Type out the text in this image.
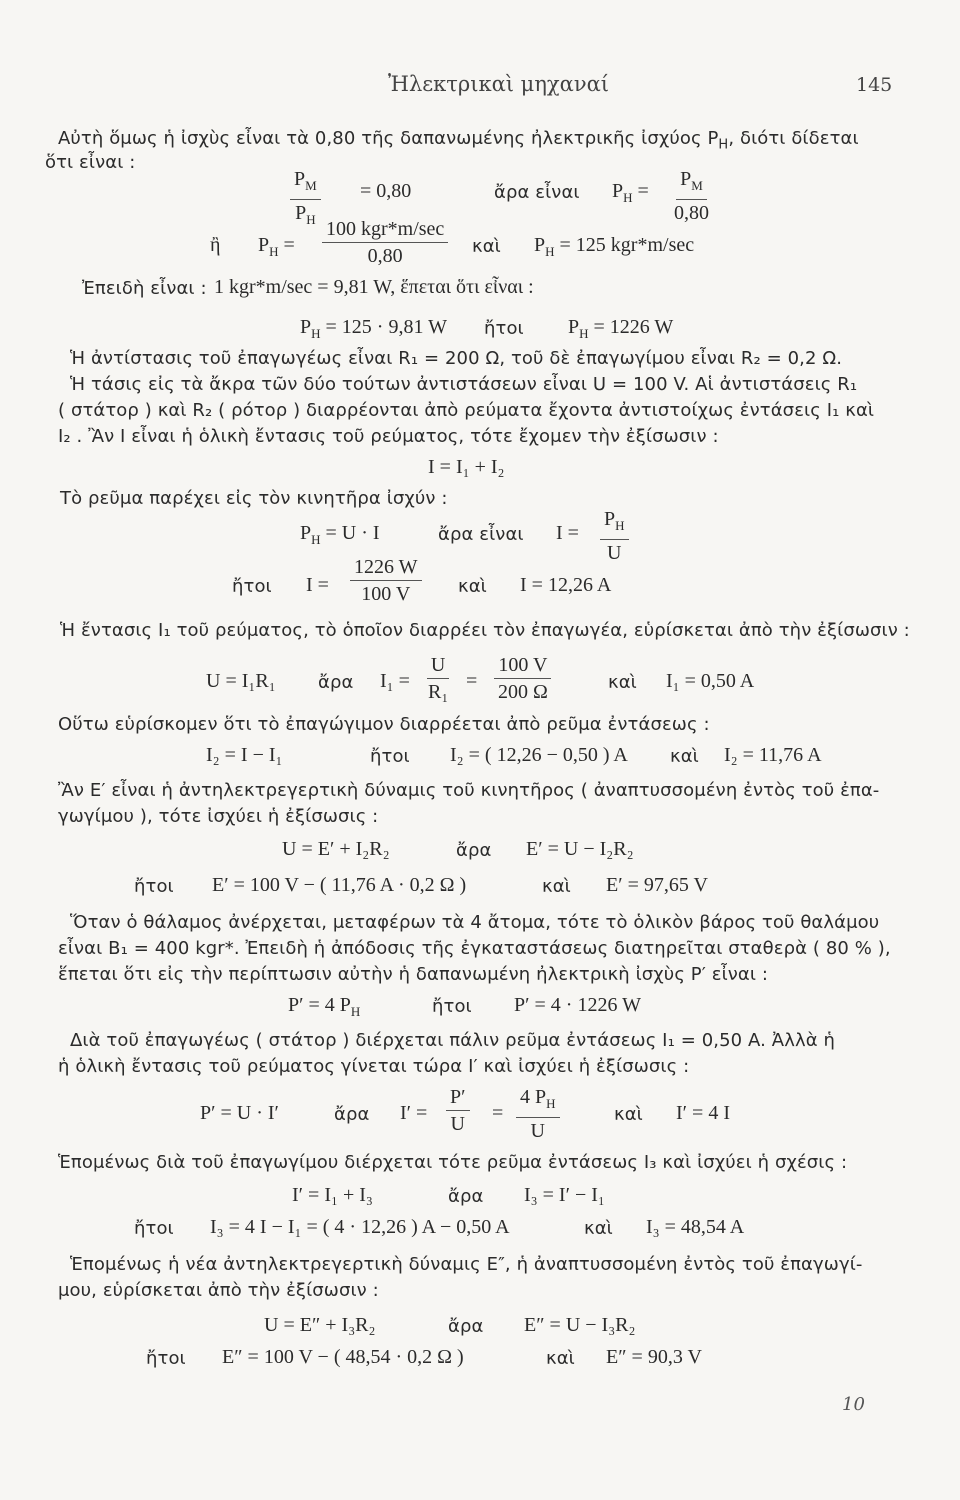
Ἠλεκτρικαὶ μηχαναί	145
Αὐτὴ ὅμως ἡ ἰσχὺς εἶναι τὰ 0,80 τῆς δαπανωμένης ἠλεκτρικῆς ἰσχύος $P_H$, διότι δίδεται
ὅτι εἶναι :
$\frac{P_M}{P_H} = 0,80$	ἄρα εἶναι $P_H = \frac{P_M}{0,80}$
ἢ $P_H$ =
100 kgr*m/sec
0,80	καὶ $P_H = 125$ kgr*m/sec
Ἐπειδὴ εἶναι : 1 kgr*m/sec = 9,81 W, ἕπεται ὅτι εἶναι :
$P_H = 125 \cdot 9,81$ W ἤτοι $P_H = 1226$ W
Ἡ ἀντίστασις τοῦ ἐπαγωγέως εἶναι R₁ = 200 Ω, τοῦ δὲ ἐπαγωγίμου εἶναι R₂ = 0,2 Ω.
Ἡ τάσις εἰς τὰ ἄκρα τῶν δύο τούτων ἀντιστάσεων εἶναι U = 100 V. Αἱ ἀντιστάσεις R₁
( στάτορ ) καὶ R₂ ( ρότορ ) διαρρέονται ἀπὸ ρεύματα ἔχοντα ἀντιστοίχως ἐντάσεις I₁ καὶ
I₂ . Ἂν I εἶναι ἡ ὁλικὴ ἔντασις τοῦ ρεύματος, τότε ἔχομεν τὴν ἐξίσωσιν :
I = I₁ + I₂
Τὸ ρεῦμα παρέχει εἰς τὸν κινητῆρα ἰσχύν :
$P_H = U \cdot I$	ἄρα εἶναι $I = \frac{P_H}{U}$
ἤτοι $I = \frac{1226 W}{100 V}$ καὶ I = 12,26 A
Ἡ ἔντασις I₁ τοῦ ρεύματος, τὸ ὁποῖον διαρρέει τὸν ἐπαγωγέα, εὑρίσκεται ἀπὸ τὴν ἐξίσωσιν :
U = I₁R₁ ἄρα $I_1 = \frac{U}{\text{R₁}} = \frac{100 V}{200 \Omega}$	καὶ I₁ = 0,50 A
Οὕτω εὑρίσκομεν ὅτι τὸ ἐπαγώγιμον διαρρέεται ἀπὸ ρεῦμα ἐντάσεως :
I₂ = I − I₁	ἤτοι I₂ = ( 12,26 − 0,50 ) A καὶ I₂ = 11,76 A
Ἂν E′ εἶναι ἡ ἀντηλεκτρεγερτικὴ δύναμις τοῦ κινητῆρος ( ἀναπτυσσομένη ἐντὸς τοῦ ἐπα-
γωγίμου ), τότε ἰσχύει ἡ ἐξίσωσις :
U = E′ + I₂R₂	ἄρα E′ = U − I₂R₂
ἤτοι E′ = 100 V − ( 11,76 A · 0,2 Ω )	καὶ E′ = 97,65 V
Ὅταν ὁ θάλαμος ἀνέρχεται, μεταφέρων τὰ 4 ἄτομα, τότε τὸ ὁλικὸν βάρος τοῦ θαλάμου
εἶναι B₁ = 400 kgr*. Ἐπειδὴ ἡ ἀπόδοσις τῆς ἐγκαταστάσεως διατηρεῖται σταθερὰ ( 80 % ),
ἕπεται ὅτι εἰς τὴν περίπτωσιν αὐτὴν ἡ δαπανωμένη ἠλεκτρικὴ ἰσχὺς P′ εἶναι :
P′ = 4 $P_H$	ἤτοι P′ = 4 · 1226 W
Διὰ τοῦ ἐπαγωγέως ( στάτορ ) διέρχεται πάλιν ρεῦμα ἐντάσεως I₁ = 0,50 A. Ἀλλὰ ἡ
ἡ ὁλικὴ ἔντασις τοῦ ρεύματος γίνεται τώρα I′ καὶ ἰσχύει ἡ ἐξίσωσις :
P′ = U · I′	ἄρα $I' = \frac{P'}{U} = \frac{4 P_H}{U}$	καὶ I′ = 4 I
Ἑπομένως διὰ τοῦ ἐπαγωγίμου διέρχεται τότε ρεῦμα ἐντάσεως I₃ καὶ ἰσχύει ἡ σχέσις :
I′ = I₁ + I₃	ἄρα I₃ = I′ − I₁
ἤτοι I₃ = 4 I − I₁ = ( 4 · 12,26 ) A − 0,50 A	καὶ I₃ = 48,54 A
Ἑπομένως ἡ νέα ἀντηλεκτρεγερτικὴ δύναμις E″, ἡ ἀναπτυσσομένη ἐντὸς τοῦ ἐπαγωγί-
μου, εὑρίσκεται ἀπὸ τὴν ἐξίσωσιν :
U = E″ + I₃R₂	ἄρα E″ = U − I₃R₂
ἤτοι E″ = 100 V − ( 48,54 · 0,2 Ω )	καὶ E″ = 90,3 V
10
